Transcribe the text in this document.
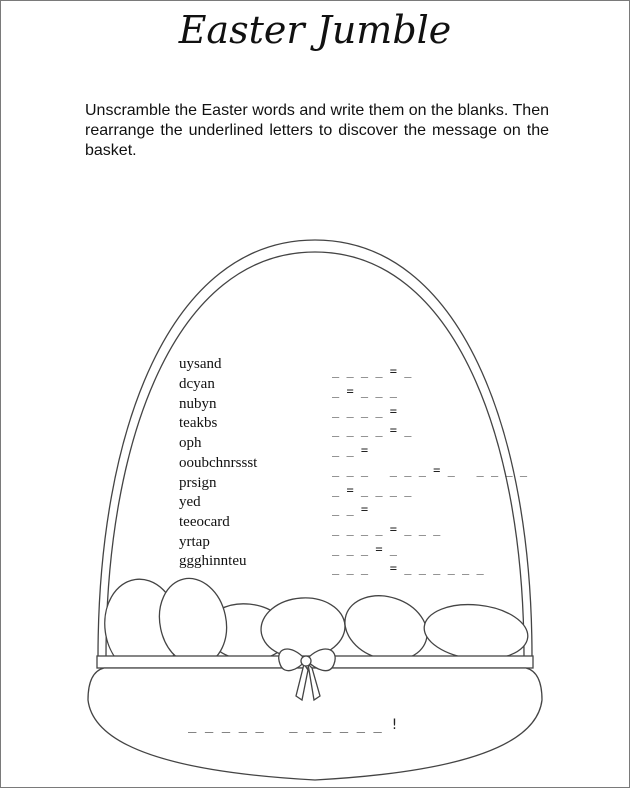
Easter Jumble
Unscramble the Easter words and write them on the blanks. Then rearrange the underlined letters to discover the message on the basket.
uysand	_ _ _ _ = _
dcyan	_ = _ _ _
nubyn	_ _ _ _ =
teakbs	_ _ _ _ = _
oph	_ _ =
ooubchnrssst	_ _ _   _ _ _ = _   _ _ _ _
prsign	_ = _ _ _ _
yed	_ _ =
teeocard	_ _ _ _ = _ _ _
yrtap	_ _ _ = _
ggghinnteu	_ _ _   = _ _ _ _ _ _
_ _ _ _ _   _ _ _ _ _ _ !
